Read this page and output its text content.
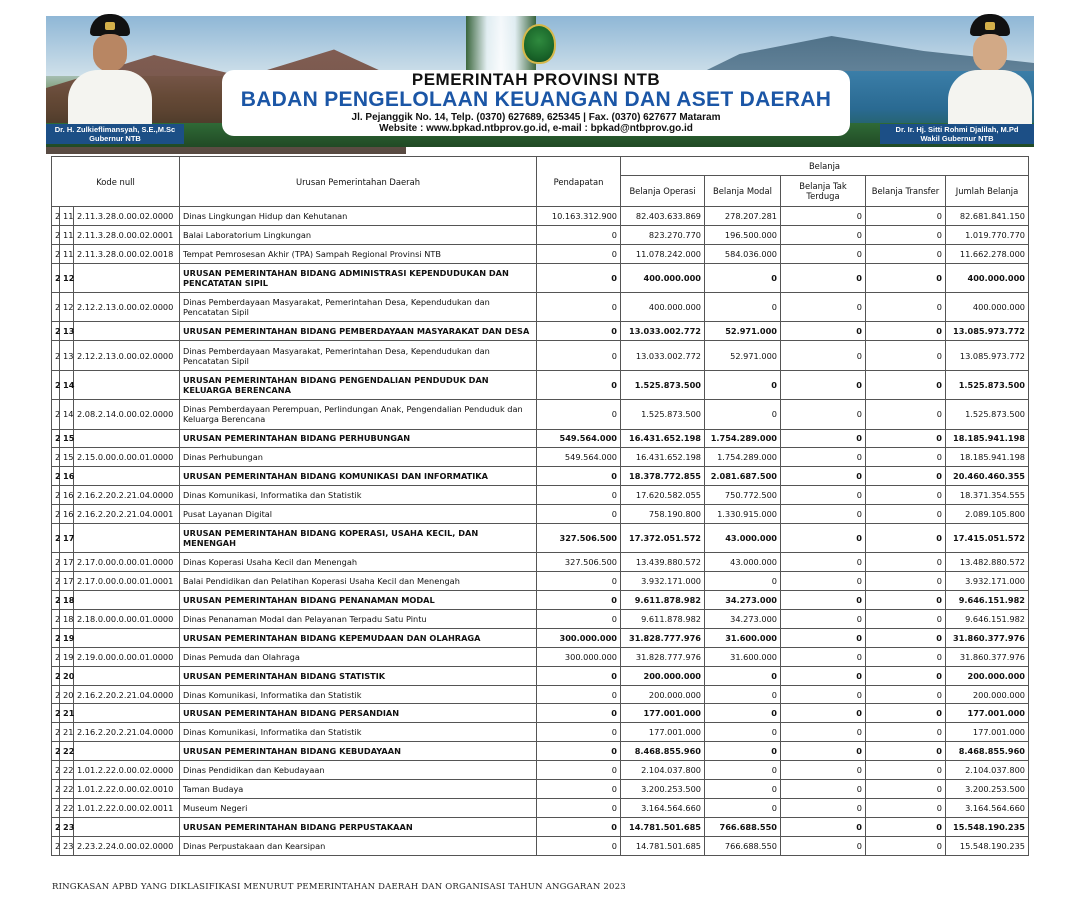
Dr. H. Zulkieflimansyah, S.E.,M.Sc
Gubernur NTB
Dr. Ir. Hj. Sitti Rohmi Djalilah, M.Pd
Wakil Gubernur NTB
PEMERINTAH PROVINSI NTB
BADAN PENGELOLAAN KEUANGAN DAN ASET DAERAH
Jl. Pejanggik No. 14, Telp. (0370) 627689, 625345 | Fax. (0370) 627677 Mataram
Website : www.bpkad.ntbprov.go.id, e-mail : bpkad@ntbprov.go.id
Kode null			Urusan Pemerintahan Daerah	Pendapatan	Belanja				
					Belanja Operasi	Belanja Modal	Belanja Tak Terduga	Belanja Transfer	Jumlah Belanja
2	11	2.11.3.28.0.00.02.0000	Dinas Lingkungan Hidup dan Kehutanan	10.163.312.900	82.403.633.869	278.207.281	0	0	82.681.841.150
2	11	2.11.3.28.0.00.02.0001	Balai Laboratorium Lingkungan	0	823.270.770	196.500.000	0	0	1.019.770.770
2	11	2.11.3.28.0.00.02.0018	Tempat Pemrosesan Akhir (TPA) Sampah Regional Provinsi NTB	0	11.078.242.000	584.036.000	0	0	11.662.278.000
2	12		URUSAN PEMERINTAHAN BIDANG ADMINISTRASI KEPENDUDUKAN DAN PENCATATAN SIPIL	0	400.000.000	0	0	0	400.000.000
2	12	2.12.2.13.0.00.02.0000	Dinas Pemberdayaan Masyarakat, Pemerintahan Desa, Kependudukan dan Pencatatan Sipil	0	400.000.000	0	0	0	400.000.000
2	13		URUSAN PEMERINTAHAN BIDANG PEMBERDAYAAN MASYARAKAT DAN DESA	0	13.033.002.772	52.971.000	0	0	13.085.973.772
2	13	2.12.2.13.0.00.02.0000	Dinas Pemberdayaan Masyarakat, Pemerintahan Desa, Kependudukan dan Pencatatan Sipil	0	13.033.002.772	52.971.000	0	0	13.085.973.772
2	14		URUSAN PEMERINTAHAN BIDANG PENGENDALIAN PENDUDUK DAN KELUARGA BERENCANA	0	1.525.873.500	0	0	0	1.525.873.500
2	14	2.08.2.14.0.00.02.0000	Dinas Pemberdayaan Perempuan, Perlindungan Anak, Pengendalian Penduduk dan Keluarga Berencana	0	1.525.873.500	0	0	0	1.525.873.500
2	15		URUSAN PEMERINTAHAN BIDANG PERHUBUNGAN	549.564.000	16.431.652.198	1.754.289.000	0	0	18.185.941.198
2	15	2.15.0.00.0.00.01.0000	Dinas Perhubungan	549.564.000	16.431.652.198	1.754.289.000	0	0	18.185.941.198
2	16		URUSAN PEMERINTAHAN BIDANG KOMUNIKASI DAN INFORMATIKA	0	18.378.772.855	2.081.687.500	0	0	20.460.460.355
2	16	2.16.2.20.2.21.04.0000	Dinas Komunikasi, Informatika dan Statistik	0	17.620.582.055	750.772.500	0	0	18.371.354.555
2	16	2.16.2.20.2.21.04.0001	Pusat Layanan Digital	0	758.190.800	1.330.915.000	0	0	2.089.105.800
2	17		URUSAN PEMERINTAHAN BIDANG KOPERASI, USAHA KECIL, DAN MENENGAH	327.506.500	17.372.051.572	43.000.000	0	0	17.415.051.572
2	17	2.17.0.00.0.00.01.0000	Dinas Koperasi Usaha Kecil dan Menengah	327.506.500	13.439.880.572	43.000.000	0	0	13.482.880.572
2	17	2.17.0.00.0.00.01.0001	Balai Pendidikan dan Pelatihan Koperasi Usaha Kecil dan Menengah	0	3.932.171.000	0	0	0	3.932.171.000
2	18		URUSAN PEMERINTAHAN BIDANG PENANAMAN MODAL	0	9.611.878.982	34.273.000	0	0	9.646.151.982
2	18	2.18.0.00.0.00.01.0000	Dinas Penanaman Modal dan Pelayanan Terpadu Satu Pintu	0	9.611.878.982	34.273.000	0	0	9.646.151.982
2	19		URUSAN PEMERINTAHAN BIDANG KEPEMUDAAN DAN OLAHRAGA	300.000.000	31.828.777.976	31.600.000	0	0	31.860.377.976
2	19	2.19.0.00.0.00.01.0000	Dinas Pemuda dan Olahraga	300.000.000	31.828.777.976	31.600.000	0	0	31.860.377.976
2	20		URUSAN PEMERINTAHAN BIDANG STATISTIK	0	200.000.000	0	0	0	200.000.000
2	20	2.16.2.20.2.21.04.0000	Dinas Komunikasi, Informatika dan Statistik	0	200.000.000	0	0	0	200.000.000
2	21		URUSAN PEMERINTAHAN BIDANG PERSANDIAN	0	177.001.000	0	0	0	177.001.000
2	21	2.16.2.20.2.21.04.0000	Dinas Komunikasi, Informatika dan Statistik	0	177.001.000	0	0	0	177.001.000
2	22		URUSAN PEMERINTAHAN BIDANG KEBUDAYAAN	0	8.468.855.960	0	0	0	8.468.855.960
2	22	1.01.2.22.0.00.02.0000	Dinas Pendidikan dan Kebudayaan	0	2.104.037.800	0	0	0	2.104.037.800
2	22	1.01.2.22.0.00.02.0010	Taman Budaya	0	3.200.253.500	0	0	0	3.200.253.500
2	22	1.01.2.22.0.00.02.0011	Museum Negeri	0	3.164.564.660	0	0	0	3.164.564.660
2	23		URUSAN PEMERINTAHAN BIDANG PERPUSTAKAAN	0	14.781.501.685	766.688.550	0	0	15.548.190.235
2	23	2.23.2.24.0.00.02.0000	Dinas Perpustakaan dan Kearsipan	0	14.781.501.685	766.688.550	0	0	15.548.190.235
RINGKASAN APBD YANG DIKLASIFIKASI MENURUT PEMERINTAHAN DAERAH DAN ORGANISASI TAHUN ANGGARAN 2023
